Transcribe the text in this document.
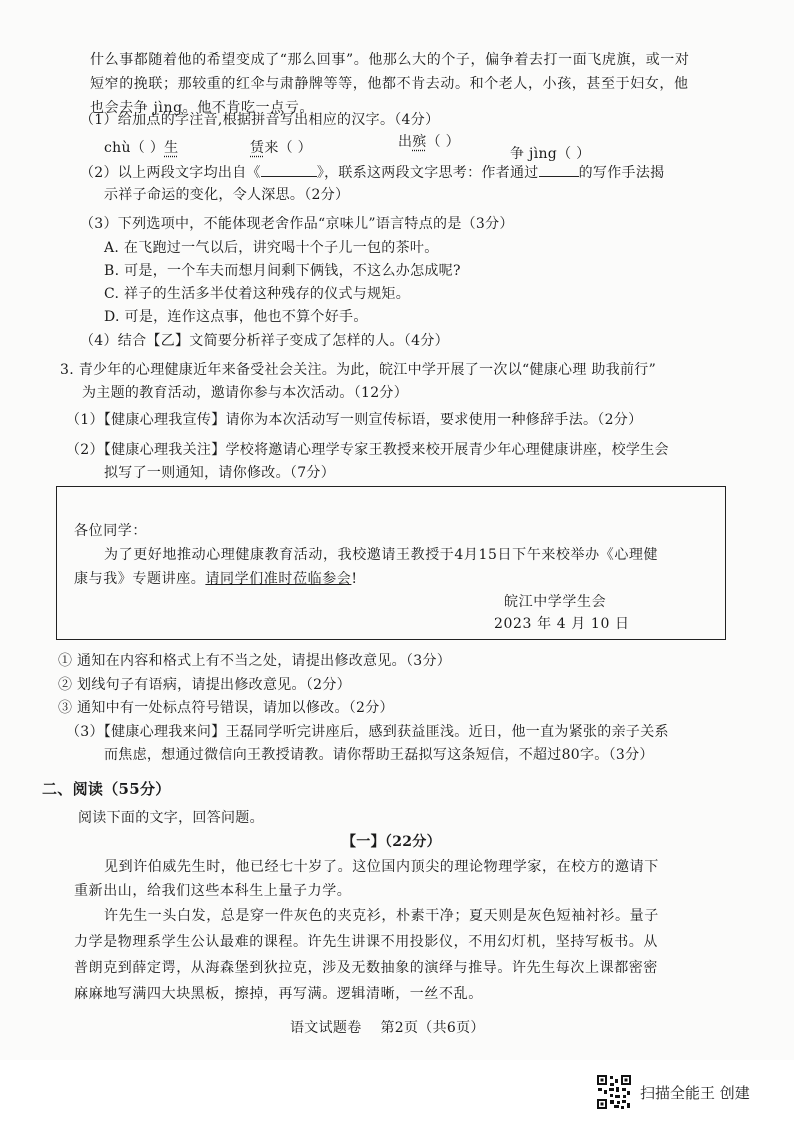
什么事都随着他的希望变成了“那么回事”。他那么大的个子，偏争着去打一面飞虎旗，或一对
短窄的挽联；那较重的红伞与肃静牌等等，他都不肯去动。和个老人，小孩，甚至于妇女，他
也会去争 jìng。他不肯吃一点亏。
（1）给加点的字注音,根据拼音写出相应的汉字。（4分）
chù（ ）生	赁来（ ）	出殡（ ）
争 jìng（ ）
（2）以上两段文字均出自《	》，联系这两段文字思考：作者通过	的写作手法揭
示祥子命运的变化，令人深思。（2分）
（3）下列选项中，不能体现老舍作品“京味儿”语言特点的是（3分）
A. 在飞跑过一气以后，讲究喝十个子儿一包的茶叶。
B. 可是，一个车夫而想月间剩下俩钱，不这么办怎成呢?
C. 祥子的生活多半仗着这种残存的仪式与规矩。
D. 可是，连作这点事，他也不算个好手。
（4）结合【乙】文简要分析祥子变成了怎样的人。（4分）
3. 青少年的心理健康近年来备受社会关注。为此，皖江中学开展了一次以“健康心理 助我前行”
为主题的教育活动，邀请你参与本次活动。（12分）
（1）【健康心理我宣传】请你为本次活动写一则宣传标语，要求使用一种修辞手法。（2分）
（2）【健康心理我关注】学校将邀请心理学专家王教授来校开展青少年心理健康讲座，校学生会
拟写了一则通知，请你修改。（7分）
各位同学：
为了更好地推动心理健康教育活动，我校邀请王教授于4月15日下午来校举办《心理健
康与我》专题讲座。请同学们准时莅临参会!
皖江中学学生会
2023 年 4 月 10 日
① 通知在内容和格式上有不当之处，请提出修改意见。（3分）
② 划线句子有语病，请提出修改意见。（2分）
③ 通知中有一处标点符号错误，请加以修改。（2分）
（3）【健康心理我来问】王磊同学听完讲座后，感到获益匪浅。近日，他一直为紧张的亲子关系
而焦虑，想通过微信向王教授请教。请你帮助王磊拟写这条短信，不超过80字。（3分）
二、阅读（55分）
阅读下面的文字，回答问题。
【一】（22分）
见到许伯威先生时，他已经七十岁了。这位国内顶尖的理论物理学家，在校方的邀请下
重新出山，给我们这些本科生上量子力学。
许先生一头白发，总是穿一件灰色的夹克衫，朴素干净；夏天则是灰色短袖衬衫。量子
力学是物理系学生公认最难的课程。许先生讲课不用投影仪，不用幻灯机，坚持写板书。从
普朗克到薛定谔，从海森堡到狄拉克，涉及无数抽象的演绎与推导。许先生每次上课都密密
麻麻地写满四大块黑板，擦掉，再写满。逻辑清晰，一丝不乱。
语文试题卷    第2页（共6页）
扫描全能王 创建
